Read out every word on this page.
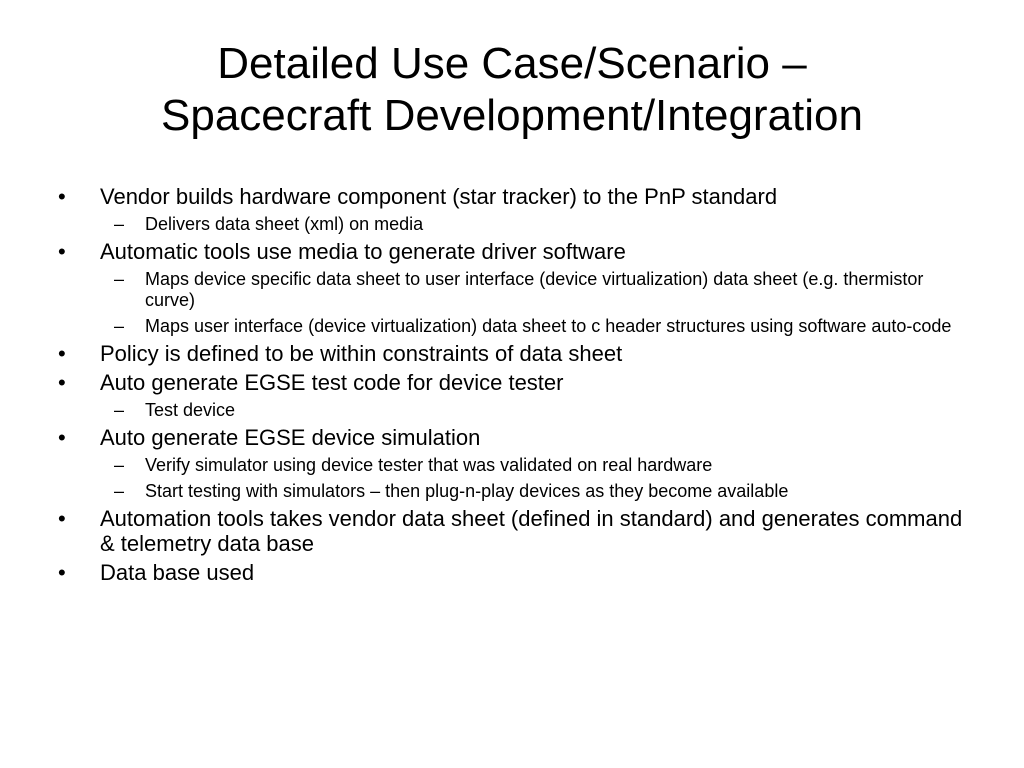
Detailed Use Case/Scenario –
Spacecraft Development/Integration
•	Vendor builds hardware component (star tracker) to the PnP standard
– Delivers data sheet (xml) on media
•	Automatic tools use media to generate driver software
– Maps device specific data sheet to user interface (device virtualization) data sheet (e.g. thermistor curve)
– Maps user interface (device virtualization) data sheet to c header structures using software auto-code
•	Policy is defined to be within constraints of data sheet
•	Auto generate EGSE test code for device tester
– Test device
•	Auto generate EGSE device simulation
– Verify simulator using device tester that was validated on real hardware
– Start testing with simulators – then plug-n-play devices as they become available
•	Automation tools takes vendor data sheet (defined in standard) and generates command & telemetry data base
•	Data base used
